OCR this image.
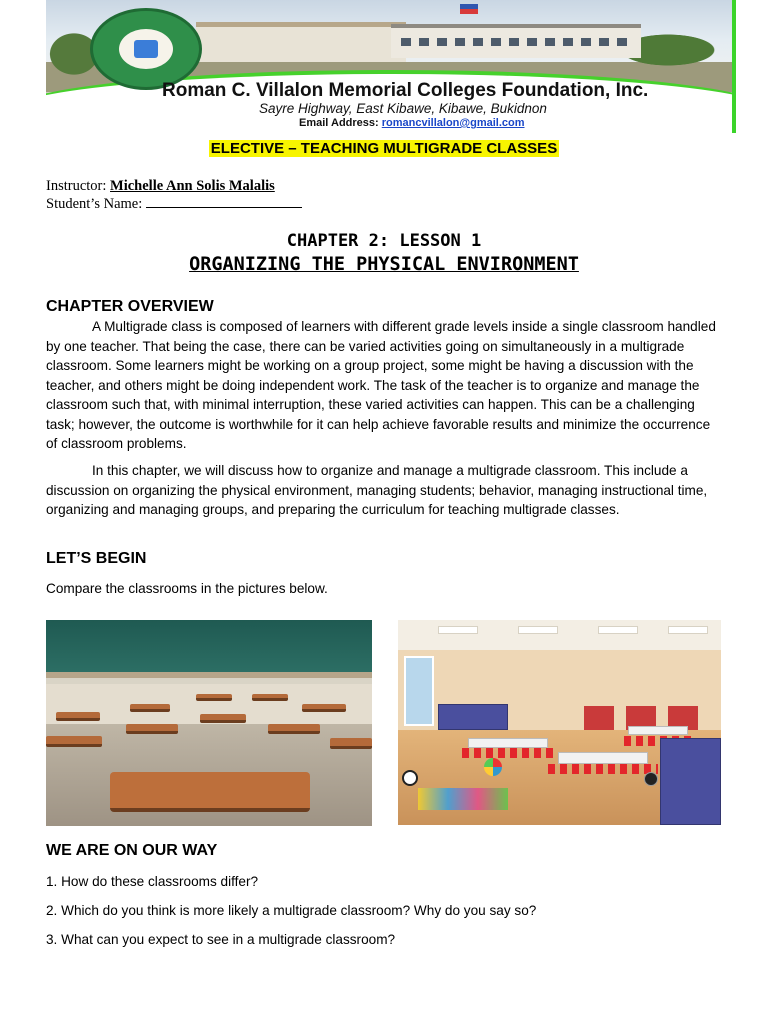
Roman C. Villalon Memorial Colleges Foundation, Inc.
Sayre Highway, East Kibawe, Kibawe, Bukidnon
Email Address: romancvillalon@gmail.com
ELECTIVE – TEACHING MULTIGRADE CLASSES
Instructor: Michelle Ann Solis Malalis
Student’s Name:
CHAPTER 2: LESSON 1
ORGANIZING THE PHYSICAL ENVIRONMENT
CHAPTER OVERVIEW
A Multigrade class is composed of learners with different grade levels inside a single classroom handled by one teacher. That being the case, there can be varied activities going on simultaneously in a multigrade classroom. Some learners might be working on a group project, some might be having a discussion with the teacher, and others might be doing independent work. The task of the teacher is to organize and manage the classroom such that, with minimal interruption, these varied activities can happen. This can be a challenging task; however, the outcome is worthwhile for it can help achieve favorable results and minimize the occurrence of classroom problems.
In this chapter, we will discuss how to organize and manage a multigrade classroom. This include a discussion on organizing the physical environment, managing students; behavior, managing instructional time, organizing and managing groups, and preparing the curriculum for teaching multigrade classes.
LET’S BEGIN
Compare the classrooms in the pictures below.
WE ARE ON OUR WAY
1. How do these classrooms differ?
2. Which do you think is more likely a multigrade classroom? Why do you say so?
3. What can you expect to see in a multigrade classroom?
